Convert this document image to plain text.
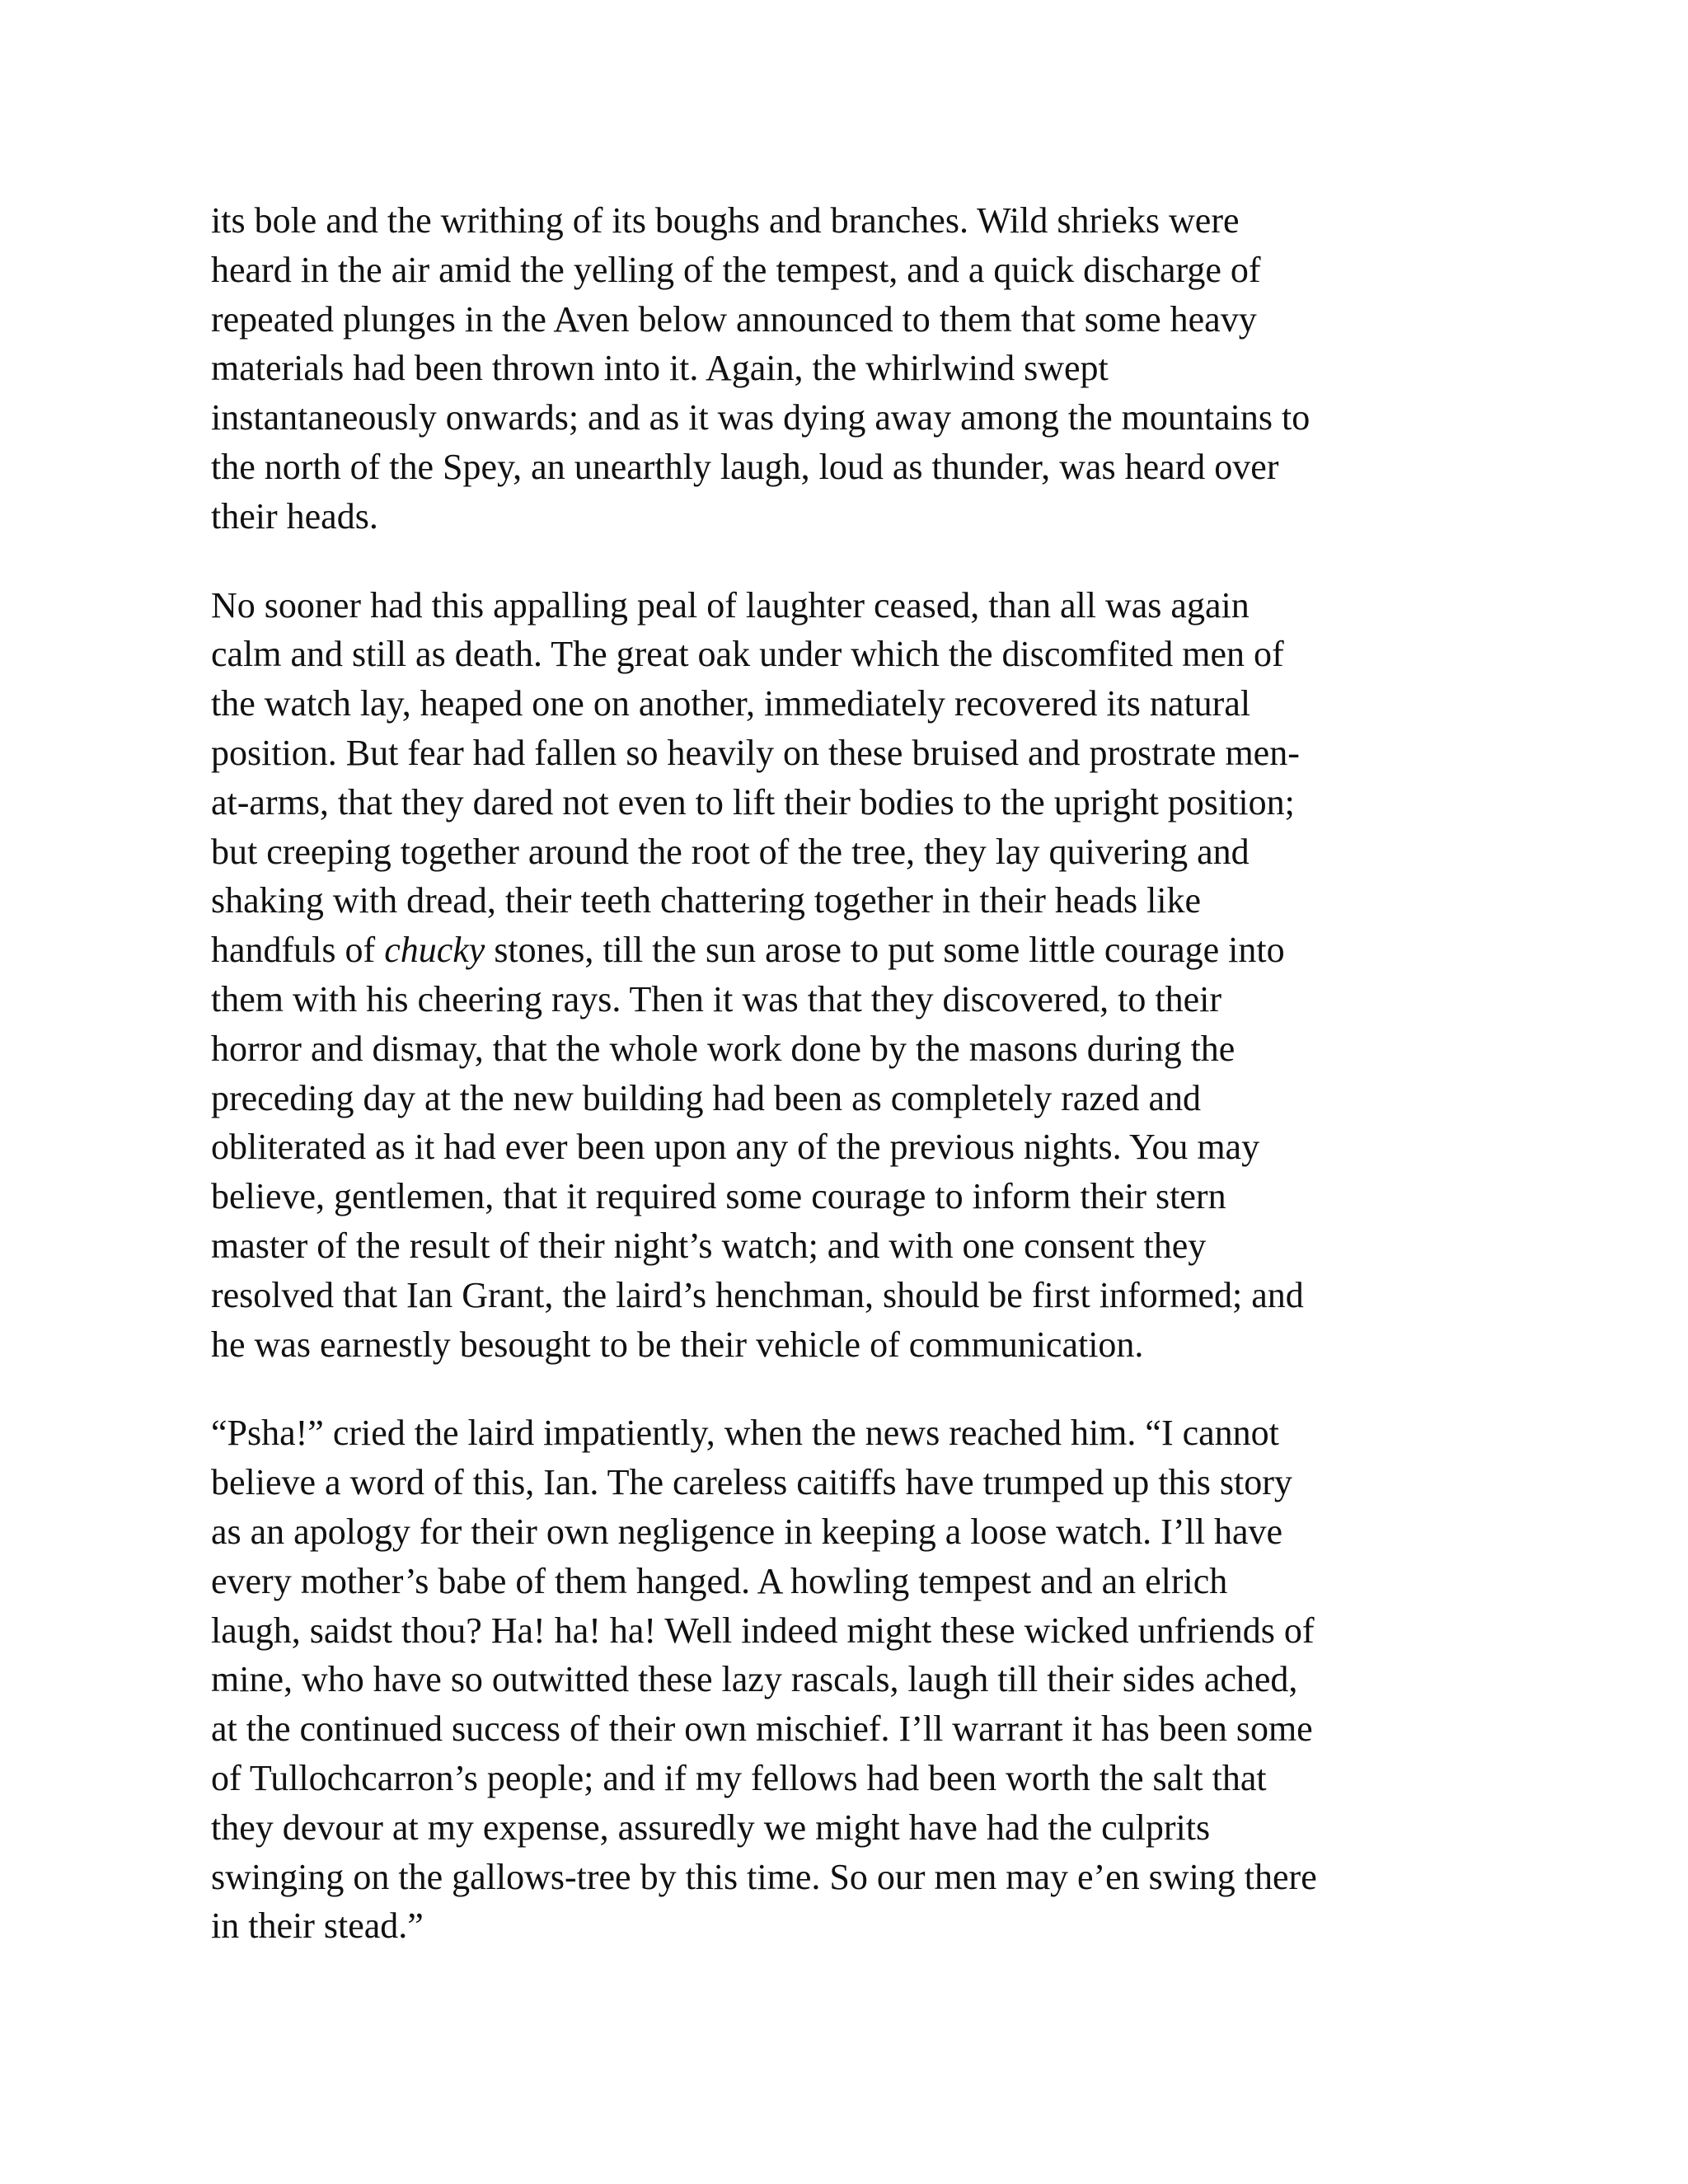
its bole and the writhing of its boughs and branches. Wild shrieks were
heard in the air amid the yelling of the tempest, and a quick discharge of
repeated plunges in the Aven below announced to them that some heavy
materials had been thrown into it. Again, the whirlwind swept
instantaneously onwards; and as it was dying away among the mountains to
the north of the Spey, an unearthly laugh, loud as thunder, was heard over
their heads.

No sooner had this appalling peal of laughter ceased, than all was again
calm and still as death. The great oak under which the discomfited men of
the watch lay, heaped one on another, immediately recovered its natural
position. But fear had fallen so heavily on these bruised and prostrate men-
at-arms, that they dared not even to lift their bodies to the upright position;
but creeping together around the root of the tree, they lay quivering and
shaking with dread, their teeth chattering together in their heads like
handfuls of chucky stones, till the sun arose to put some little courage into
them with his cheering rays. Then it was that they discovered, to their
horror and dismay, that the whole work done by the masons during the
preceding day at the new building had been as completely razed and
obliterated as it had ever been upon any of the previous nights. You may
believe, gentlemen, that it required some courage to inform their stern
master of the result of their night’s watch; and with one consent they
resolved that Ian Grant, the laird’s henchman, should be first informed; and
he was earnestly besought to be their vehicle of communication.

“Psha!” cried the laird impatiently, when the news reached him. “I cannot
believe a word of this, Ian. The careless caitiffs have trumped up this story
as an apology for their own negligence in keeping a loose watch. I’ll have
every mother’s babe of them hanged. A howling tempest and an elrich
laugh, saidst thou? Ha! ha! ha! Well indeed might these wicked unfriends of
mine, who have so outwitted these lazy rascals, laugh till their sides ached,
at the continued success of their own mischief. I’ll warrant it has been some
of Tullochcarron’s people; and if my fellows had been worth the salt that
they devour at my expense, assuredly we might have had the culprits
swinging on the gallows-tree by this time. So our men may e’en swing there
in their stead.”
